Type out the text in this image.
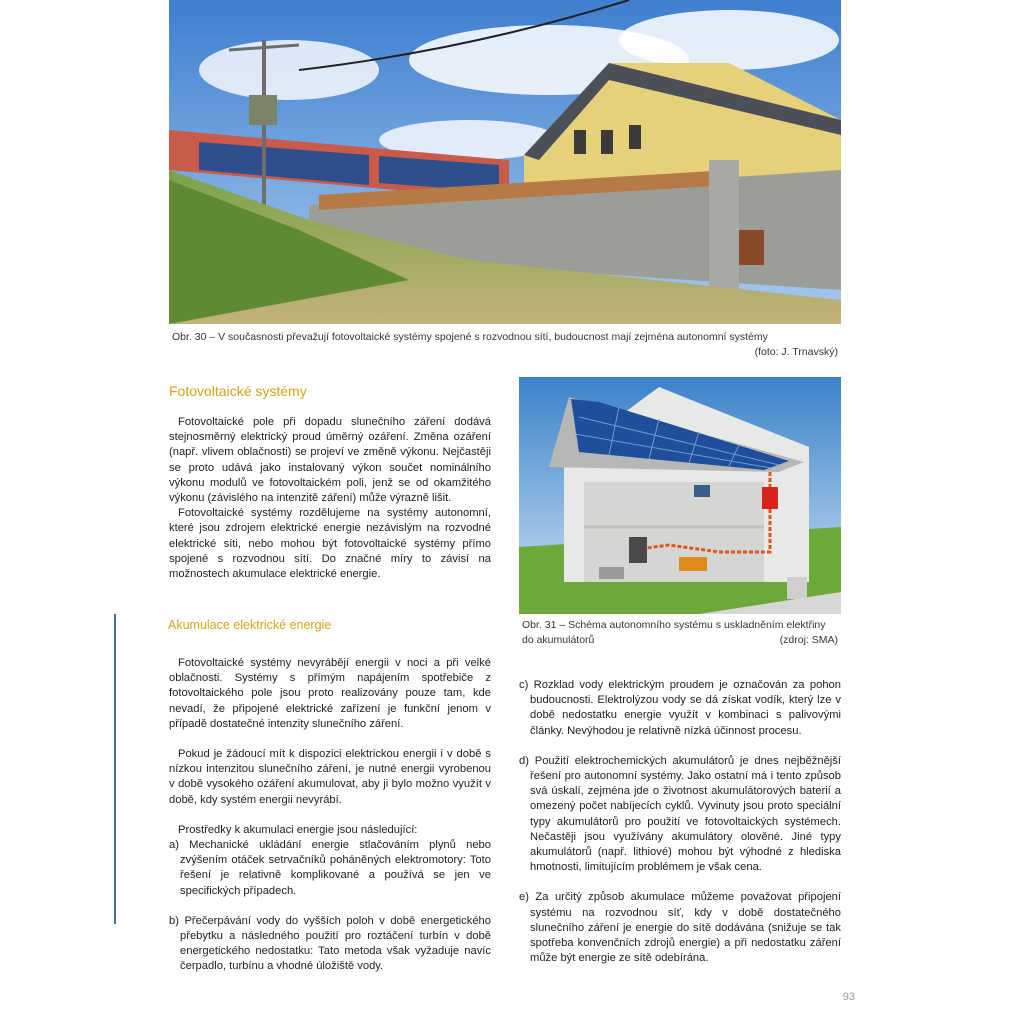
Obr. 30 – V současnosti převažují fotovoltaické systémy spojené s rozvodnou sítí, budoucnost mají zejména autonomní systémy
(foto: J. Trnavský)
Fotovoltaické systémy

Fotovoltaické pole při dopadu slunečního záření dodává stejnosměrný elektrický proud úměrný ozáření. Změna ozáření (např. vlivem oblačnosti) se projeví ve změně výkonu. Nejčastěji se proto udává jako instalovaný výkon součet nominálního výkonu modulů ve fotovoltaickém poli, jenž se od okamžitého výkonu (závislého na intenzitě záření) může výrazně lišit.

Fotovoltaické systémy rozdělujeme na systémy autonomní, které jsou zdrojem elektrické energie nezávislým na rozvodné elektrické síti, nebo mohou být fotovoltaické systémy přímo spojené s rozvodnou sítí. Do značné míry to závisí na možnostech akumulace elektrické energie.

Obr. 31 – Schéma autonomního systému s uskladněním elektřiny
do akumulátorů	(zdroj: SMA)
Akumulace elektrické energie

Fotovoltaické systémy nevyrábějí energii v noci a při velké oblačnosti. Systémy s přímým napájením spotřebiče z fotovoltaického pole jsou proto realizovány pouze tam, kde nevadí, že připojené elektrické zařízení je funkční jenom v případě dostatečné intenzity slunečního záření.

Pokud je žádoucí mít k dispozici elektrickou energii i v době s nízkou intenzitou slunečního záření, je nutné energii vyrobenou v době vysokého ozáření akumulovat, aby ji bylo možno využít v době, kdy systém energii nevyrábí.

Prostředky k akumulaci energie jsou následující:

a) Mechanické ukládání energie stlačováním plynů nebo zvýšením otáček setrvačníků poháněných elektromotory: Toto řešení je relativně komplikované a používá se jen ve specifických případech.
b) Přečerpávání vody do vyšších poloh v době energetického přebytku a následného použití pro roztáčení turbín v době energetického nedostatku: Tato metoda však vyžaduje navíc čerpadlo, turbínu a vhodné úložiště vody.
c) Rozklad vody elektrickým proudem je označován za pohon budoucnosti. Elektrolýzou vody se dá získat vodík, který lze v době nedostatku energie využít v kombinaci s palivovými články. Nevýhodou je relativně nízká účinnost procesu.
d) Použití elektrochemických akumulátorů je dnes nejběžnější řešení pro autonomní systémy. Jako ostatní má i tento způsob svá úskalí, zejména jde o životnost akumulátorových baterií a omezený počet nabíjecích cyklů. Vyvinuty jsou proto speciální typy akumulátorů pro použití ve fotovoltaických systémech. Nečastěji jsou využívány akumulátory olověné. Jiné typy akumulátorů (např. lithiové) mohou být výhodné z hlediska hmotnosti, limitujícím problémem je však cena.
e) Za určitý způsob akumulace můžeme považovat připojení systému na rozvodnou síť, kdy v době dostatečného slunečního záření je energie do sítě dodávána (snižuje se tak spotřeba konvenčních zdrojů energie) a při nedostatku záření může být energie ze sítě odebírána.
93
